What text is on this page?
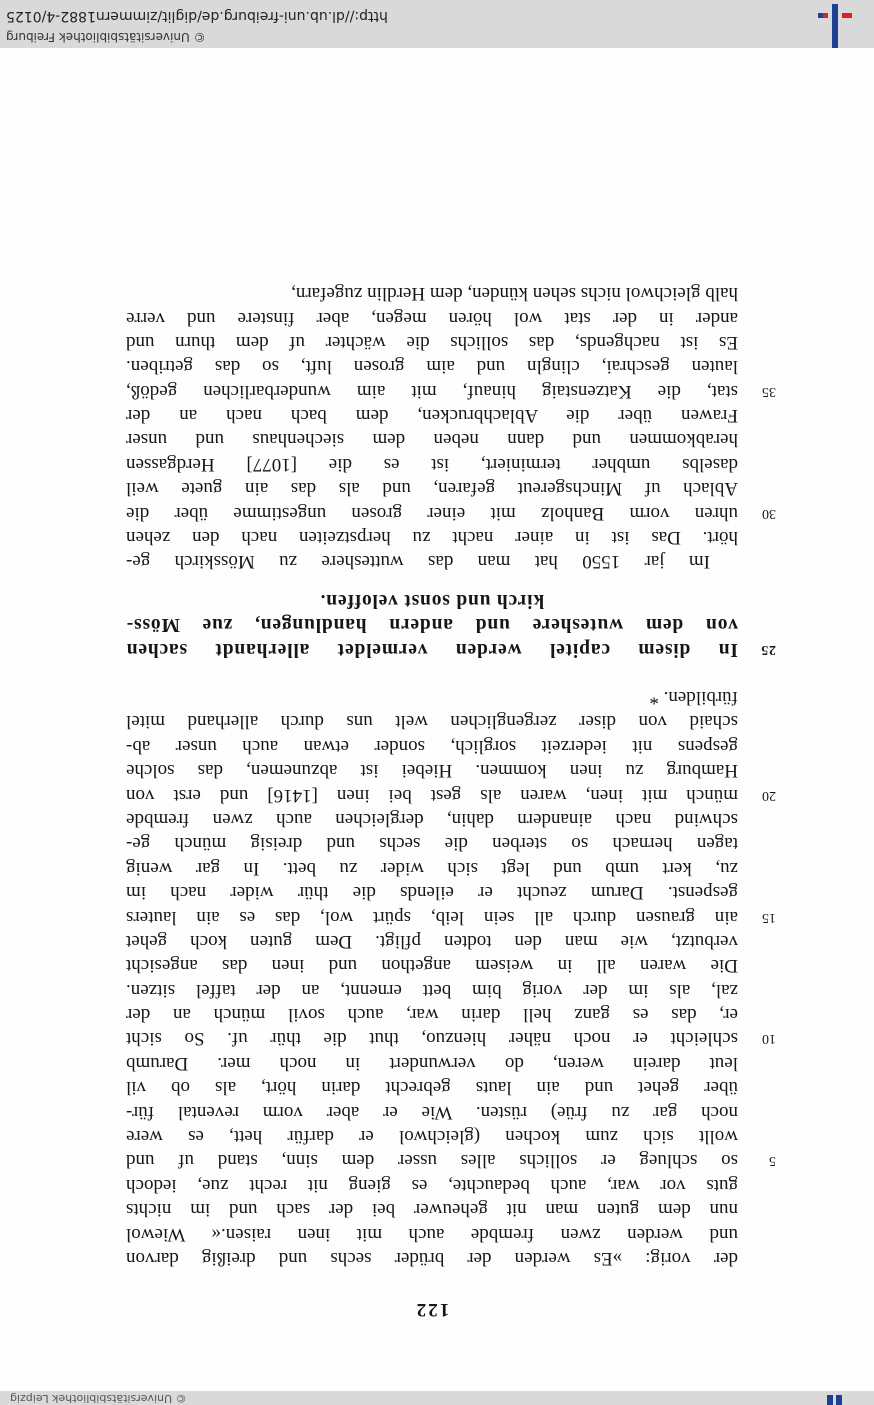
© Universitätsbibliothek Leipzig
122
der vorig: »Es werden der brüder sechs und dreißig darvon
und werden zwen frembde auch mit inen raisen.« Wiewol
nun dem guten man nit geheuwer bei der sach und im nichts
guts vor war, auch bedauchte, es gieng nit recht zue, iedoch
5
so schlueg er sollichs alles usser dem sinn, stand uf und
wollt sich zum kochen (gleichwol er darfür hett, es were
noch gar zu früe) rüsten. Wie er aber vorm revental für-
über gehet und ain lauts gebrecht darin hört, als ob vil
leut darein weren, do verwundert in noch mer. Darumb
10
schleicht er noch näher hienzuo, thut die thür uf. So sicht
er, das es ganz hell darin war, auch sovil münch an der
zal, als im der vorig bim bett ernennt, an der taffel sitzen.
Die waren all in weisem angethon und inen das angesicht
verbutzt, wie man den todten pfligt. Dem guten koch gehet
15
ain grausen durch all sein leib, spürt wol, das es ain lauters
gespenst. Darum zeucht er eilends die thür wider nach im
zu, kert umb und legt sich wider zu bett. In gar wenig
tagen hernach so sterben die sechs und dreisig münch ge-
schwind nach ainandern dahin, dergleichen auch zwen frembde
20
münch mit inen, waren als gest bei inen [1416] und erst von
Hamburg zu inen kommen. Hiebei ist abzunemen, das solche
gespens nit iederzeit sorglich, sonder etwan auch unser ab-
schaid von diser zergenglichen welt uns durch allerhand mitel
fürbilden. *
25
In disem capitel werden vermeldet allerhandt sachen
von dem wuteshere und andern handlungen, zue Möss-
kirch und sonst veloffen.
Im jar 1550 hat man das wutteshere zu Mösskirch ge-
hört. Das ist in ainer nacht zu herpstzeiten nach den zehen
30
uhren vorm Banholz mit einer grosen ungestimme über die
Ablach uf Minchsgereut gefaren, und als das ain guete weil
daselbs umbher terminiert, ist es die [1077] Herdgassen
herabkommen und dann neben dem siechenhaus und unser
Frawen über die Ablachbrucken, dem bach nach an der
35
stat, die Katzenstaig hinauf, mit aim wunderbarlichen gedöß,
lauten geschrai, clingln und aim grosen luft, so das getriben.
Es ist nachgends, das sollichs die wächter uf dem thurn und
ander in der stat wol hören megen, aber finstere und verre
halb gleichwol nichs sehen künden, dem Herdlin zugefarn,
© Universitätsbibliothek Freiburg
http://dl.ub.uni-freiburg.de/diglit/zimmern1882-4/0125
